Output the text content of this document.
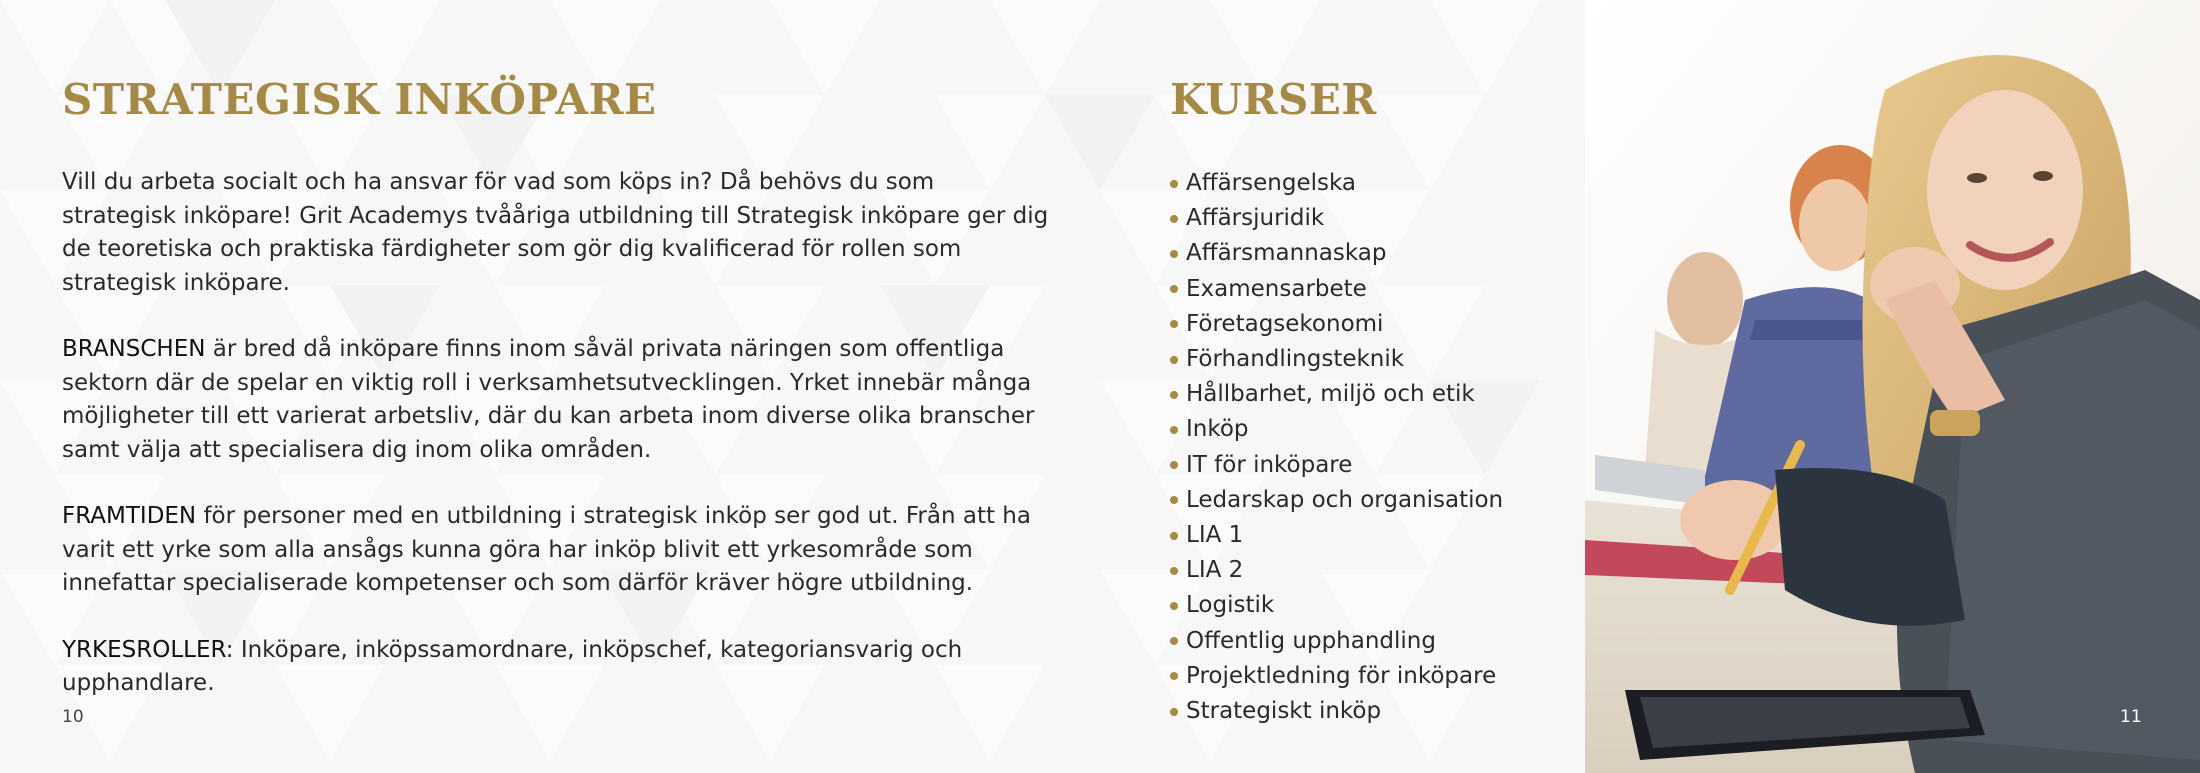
STRATEGISK INKÖPARE

Vill du arbeta socialt och ha ansvar för vad som köps in? Då behövs du som strategisk inköpare! Grit Academys tvååriga utbildning till Strategisk inköpare ger dig de teoretiska och praktiska färdigheter som gör dig kvalificerad för rollen som strategisk inköpare.

BRANSCHEN är bred då inköpare finns inom såväl privata näringen som offentliga sektorn där de spelar en viktig roll i verksamhetsutvecklingen. Yrket innebär många möjligheter till ett varierat arbetsliv, där du kan arbeta inom diverse olika branscher samt välja att specialisera dig inom olika områden.

FRAMTIDEN för personer med en utbildning i strategisk inköp ser god ut. Från att ha varit ett yrke som alla ansågs kunna göra har inköp blivit ett yrkesområde som innefattar specialiserade kompetenser och som därför kräver högre utbildning.

YRKESROLLER: Inköpare, inköpssamordnare, inköpschef, kategoriansvarig och upphandlare.

10
KURSER
Affärsengelska
Affärsjuridik
Affärsmannaskap
Examensarbete
Företagsekonomi
Förhandlingsteknik
Hållbarhet, miljö och etik
Inköp
IT för inköpare
Ledarskap och organisation
LIA 1
LIA 2
Logistik
Offentlig upphandling
Projektledning för inköpare
Strategiskt inköp	11
